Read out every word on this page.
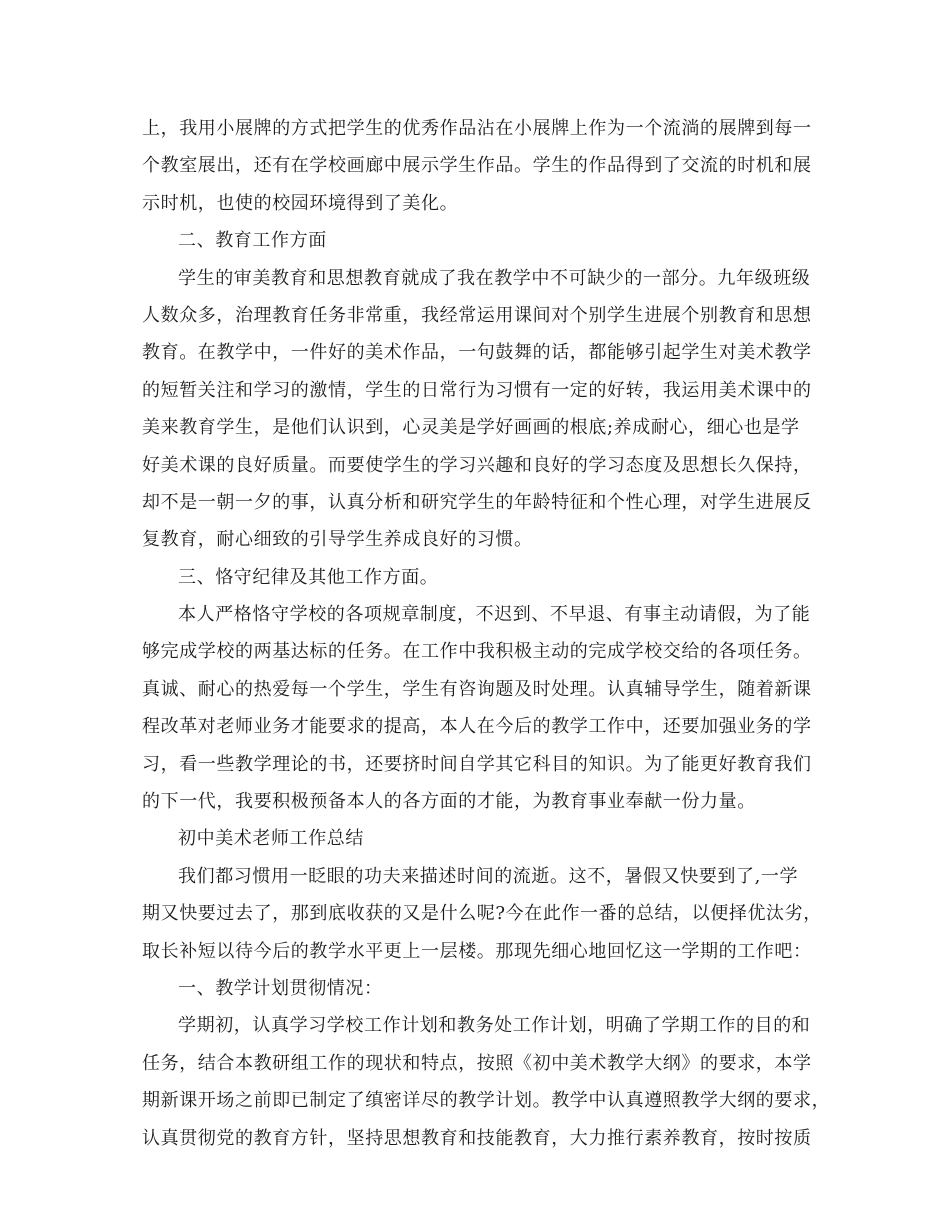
上，我用小展牌的方式把学生的优秀作品沾在小展牌上作为一个流淌的展牌到每一
个教室展出，还有在学校画廊中展示学生作品。学生的作品得到了交流的时机和展
示时机，也使的校园环境得到了美化。
二、教育工作方面
学生的审美教育和思想教育就成了我在教学中不可缺少的一部分。九年级班级
人数众多，治理教育任务非常重，我经常运用课间对个别学生进展个别教育和思想
教育。在教学中，一件好的美术作品，一句鼓舞的话，都能够引起学生对美术教学
的短暂关注和学习的激情，学生的日常行为习惯有一定的好转，我运用美术课中的
美来教育学生，是他们认识到，心灵美是学好画画的根底;养成耐心，细心也是学
好美术课的良好质量。而要使学生的学习兴趣和良好的学习态度及思想长久保持，
却不是一朝一夕的事，认真分析和研究学生的年龄特征和个性心理，对学生进展反
复教育，耐心细致的引导学生养成良好的习惯。
三、恪守纪律及其他工作方面。
本人严格恪守学校的各项规章制度，不迟到、不早退、有事主动请假，为了能
够完成学校的两基达标的任务。在工作中我积极主动的完成学校交给的各项任务。
真诚、耐心的热爱每一个学生，学生有咨询题及时处理。认真辅导学生，随着新课
程改革对老师业务才能要求的提高，本人在今后的教学工作中，还要加强业务的学
习，看一些教学理论的书，还要挤时间自学其它科目的知识。为了能更好教育我们
的下一代，我要积极预备本人的各方面的才能，为教育事业奉献一份力量。
初中美术老师工作总结
我们都习惯用一眨眼的功夫来描述时间的流逝。这不，暑假又快要到了,一学
期又快要过去了，那到底收获的又是什么呢?今在此作一番的总结，以便择优汰劣，
取长补短以待今后的教学水平更上一层楼。那现先细心地回忆这一学期的工作吧：
一、教学计划贯彻情况：
学期初，认真学习学校工作计划和教务处工作计划，明确了学期工作的目的和
任务，结合本教研组工作的现状和特点，按照《初中美术教学大纲》的要求，本学
期新课开场之前即已制定了缜密详尽的教学计划。教学中认真遵照教学大纲的要求，
认真贯彻党的教育方针，坚持思想教育和技能教育，大力推行素养教育，按时按质
